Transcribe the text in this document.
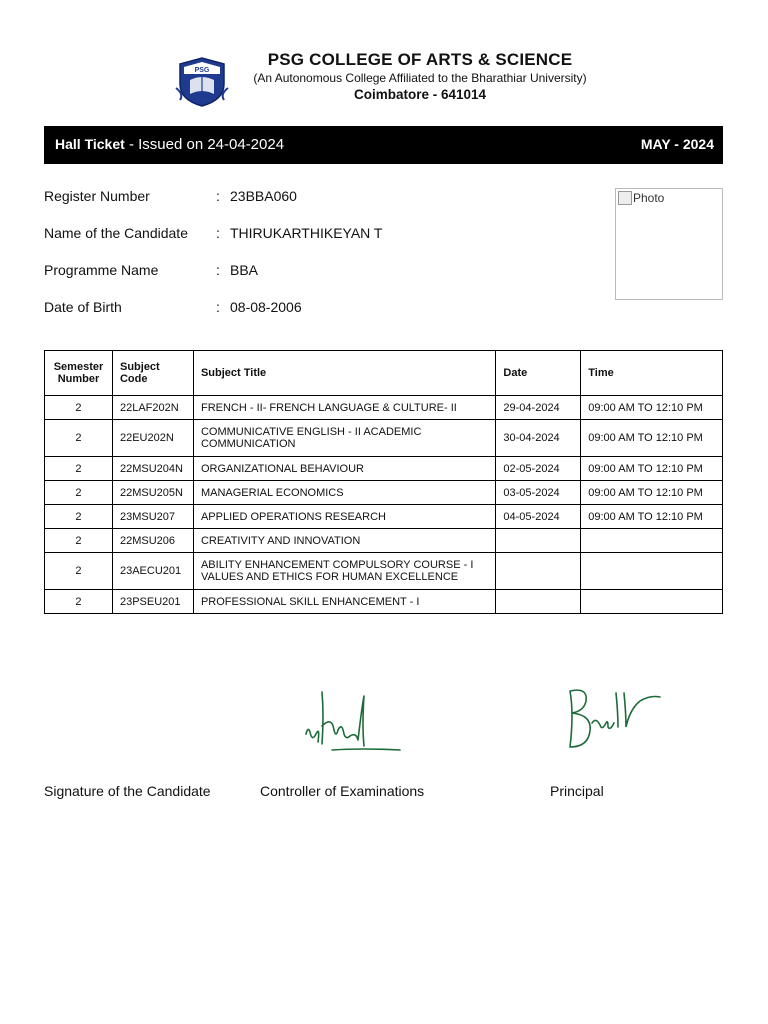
PSG
PSG COLLEGE OF ARTS & SCIENCE
(An Autonomous College Affiliated to the Bharathiar University)
Coimbatore - 641014
Hall Ticket - Issued on 24-04-2024	MAY - 2024
Register Number	: 23BBA060
Name of the Candidate : THIRUKARTHIKEYAN T
Programme Name	: BBA
Date of Birth	: 08-08-2006
Photo
Semester Number	Subject Code	Subject Title	Date	Time
2	22LAF202N	FRENCH - II- FRENCH LANGUAGE & CULTURE- II	29-04-2024	09:00 AM TO 12:10 PM
2	22EU202N	COMMUNICATIVE ENGLISH - II ACADEMIC COMMUNICATION	30-04-2024	09:00 AM TO 12:10 PM
2	22MSU204N	ORGANIZATIONAL BEHAVIOUR	02-05-2024	09:00 AM TO 12:10 PM
2	22MSU205N	MANAGERIAL ECONOMICS	03-05-2024	09:00 AM TO 12:10 PM
2	23MSU207	APPLIED OPERATIONS RESEARCH	04-05-2024	09:00 AM TO 12:10 PM
2	22MSU206	CREATIVITY AND INNOVATION		
2	23AECU201	ABILITY ENHANCEMENT COMPULSORY COURSE - I VALUES AND ETHICS FOR HUMAN EXCELLENCE		
2	23PSEU201	PROFESSIONAL SKILL ENHANCEMENT - I		
Signature of the Candidate	Controller of Examinations	Principal
